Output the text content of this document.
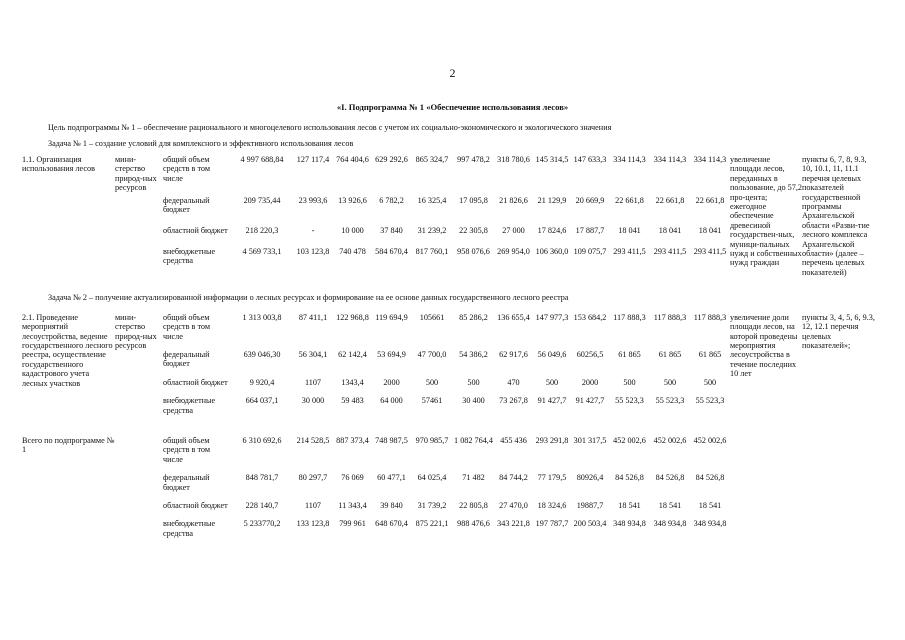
2
«I. Подпрограмма № 1 «Обеспечение использования лесов»
Цель подпрограммы № 1 – обеспечение рационального и многоцелевого использования лесов с учетом их социально-экономического и экологического значения
Задача № 1 – создание условий для комплексного и эффективного использования лесов
1.1. Организация использования лесов	мини-стерство природ-ных ресурсов	общий объем средств в том числе	4 997 688,84	127 117,4	764 404,6	629 292,6	865 324,7	997 478,2	318 780,6	145 314,5	147 633,3	334 114,3	334 114,3	334 114,3	увеличение площади лесов, переданных в пользование, до 57,2 про-цента; ежегодное обеспечение древесиной государствен-ных, муници-пальных нужд и собственных нужд граждан	пункты 6, 7, 8, 9.3, 10, 10.1, 11, 11.1 перечня целевых показателей государственной программы Архангельской области «Разви-тие лесного комплекса Архангельской области» (далее – перечень целевых показателей)
		федеральный бюджет	209 735,44	23 993,6	13 926,6	6 782,2	16 325,4	17 095,8	21 826,6	21 129,9	20 669,9	22 661,8	22 661,8	22 661,8		
		областной бюджет	218 220,3	-	10 000	37 840	31 239,2	22 305,8	27 000	17 824,6	17 887,7	18 041	18 041	18 041		
		внебюджетные средства	4 569 733,1	103 123,8	740 478	584 670,4	817 760,1	958 076,6	269 954,0	106 360,0	109 075,7	293 411,5	293 411,5	293 411,5		
Задача № 2 – получение актуализированной информации о лесных ресурсах и формирование на ее основе данных государственного лесного реестра																
2.1. Проведение мероприятий лесоустройства, ведение государственного лесного реестра, осуществление государственного кадастрового учета лесных участков	мини-стерство природ-ных ресурсов	общий объем средств в том числе	1 313 003,8	87 411,1	122 968,8	119 694,9	105661	85 286,2	136 655,4	147 977,3	153 684,2	117 888,3	117 888,3	117 888,3	увеличение доли площади лесов, на которой проведены мероприятия лесоустройства в течение последних 10 лет	пункты 3, 4, 5, 6, 9.3, 12, 12.1 перечня целевых показателей»;
		федеральный бюджет	639 046,30	56 304,1	62 142,4	53 694,9	47 700,0	54 386,2	62 917,6	56 049,6	60256,5	61 865	61 865	61 865		
		областной бюджет	9 920,4	1107	1343,4	2000	500	500	470	500	2000	500	500	500		
		внебюджетные средства	664 037,1	30 000	59 483	64 000	57461	30 400	73 267,8	91 427,7	91 427,7	55 523,3	55 523,3	55 523,3		

Всего по подпрограмме № 1		общий объем средств в том числе	6 310 692,6	214 528,5	887 373,4	748 987,5	970 985,7	1 082 764,4	455 436	293 291,8	301 317,5	452 002,6	452 002,6	452 002,6		
		федеральный бюджет	848 781,7	80 297,7	76 069	60 477,1	64 025,4	71 482	84 744,2	77 179,5	80926,4	84 526,8	84 526,8	84 526,8		
		областной бюджет	228 140,7	1107	11 343,4	39 840	31 739,2	22 805,8	27 470,0	18 324,6	19887,7	18 541	18 541	18 541		
		внебюджетные средства	5 233770,2	133 123,8	799 961	648 670,4	875 221,1	988 476,6	343 221,8	197 787,7	200 503,4	348 934,8	348 934,8	348 934,8		
